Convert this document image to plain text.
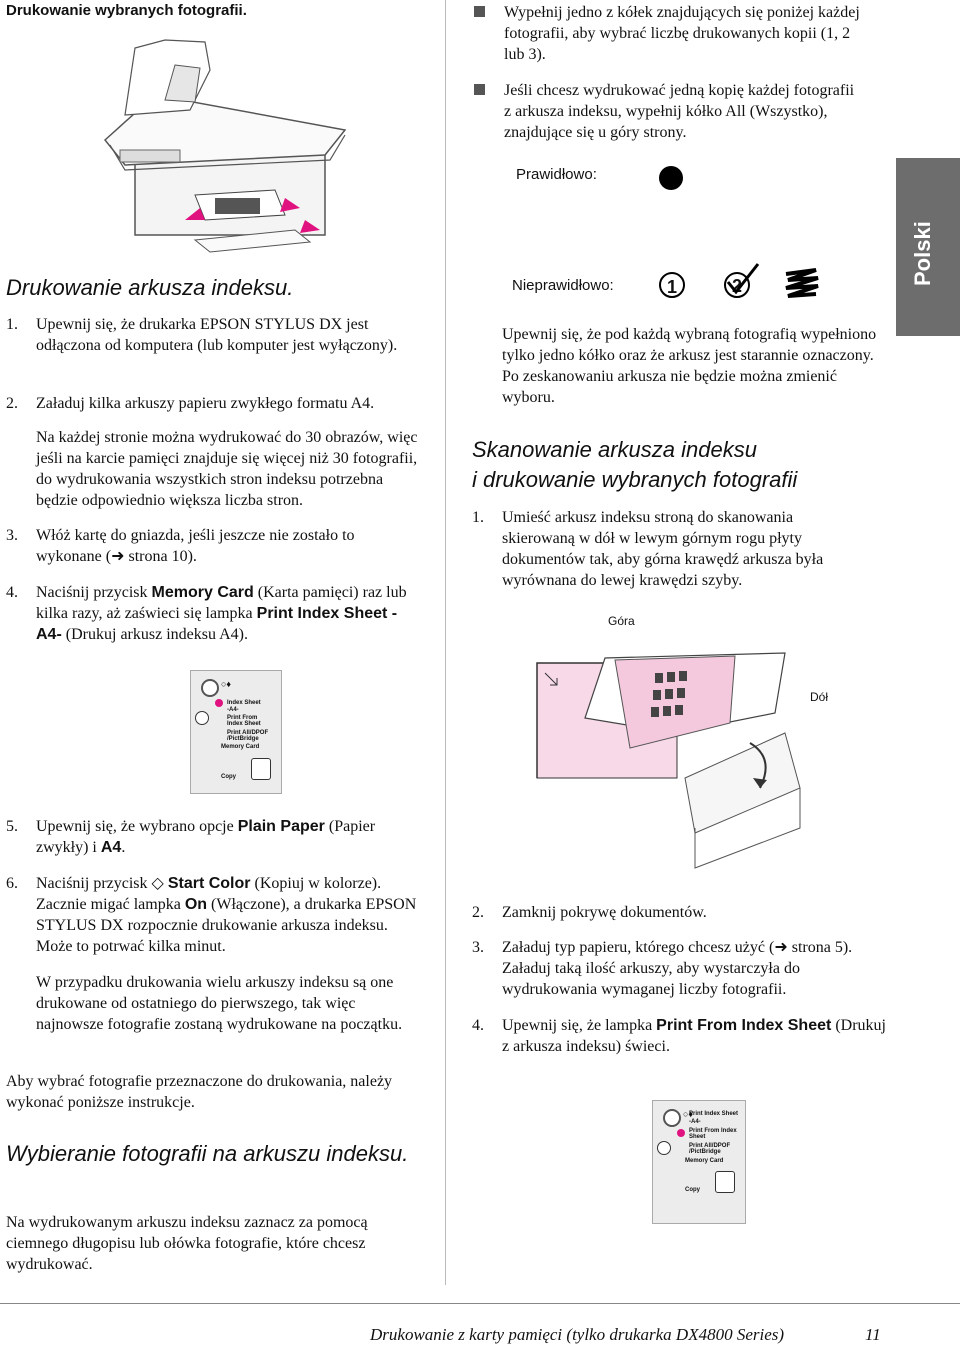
Drukowanie wybranych fotografii.
Drukowanie arkusza indeksu.
1. Upewnij się, że drukarka EPSON STYLUS DX jest odłączona od komputera (lub komputer jest wyłączony).
2. Załaduj kilka arkuszy papieru zwykłego formatu A4.
Na każdej stronie można wydrukować do 30 obrazów, więc jeśli na karcie pamięci znajduje się więcej niż 30 fotografii, do wydrukowania wszystkich stron indeksu potrzebna będzie odpowiednio większa liczba stron.
3. Włóż kartę do gniazda, jeśli jeszcze nie zostało to wykonane (➜ strona 10).
4. Naciśnij przycisk Memory Card (Karta pamięci) raz lub kilka razy, aż zaświeci się lampka Print Index Sheet -A4- (Drukuj arkusz indeksu A4).
○♦
Index Sheet
-A4-
Print From Index Sheet
Print All/DPOF /PictBridge
Memory Card
Copy
5. Upewnij się, że wybrano opcje Plain Paper (Papier zwykły) i A4.
6. Naciśnij przycisk ◇ Start Color (Kopiuj w kolorze). Zacznie migać lampka On (Włączone), a drukarka EPSON STYLUS DX rozpocznie drukowanie arkusza indeksu. Może to potrwać kilka minut.
W przypadku drukowania wielu arkuszy indeksu są one drukowane od ostatniego do pierwszego, tak więc najnowsze fotografie zostaną wydrukowane na początku.
Aby wybrać fotografie przeznaczone do drukowania, należy wykonać poniższe instrukcje.
Wybieranie fotografii na arkuszu indeksu.
Na wydrukowanym arkuszu indeksu zaznacz za pomocą ciemnego długopisu lub ołówka fotografie, które chcesz wydrukować.
Wypełnij jedno z kółek znajdujących się poniżej każdej fotografii, aby wybrać liczbę drukowanych kopii (1, 2 lub 3).
Jeśli chcesz wydrukować jedną kopię każdej fotografii z arkusza indeksu, wypełnij kółko All (Wszystko), znajdujące się u góry strony.
Prawidłowo:
Nieprawidłowo:	1	2
Upewnij się, że pod każdą wybraną fotografią wypełniono tylko jedno kółko oraz że arkusz jest starannie oznaczony. Po zeskanowaniu arkusza nie będzie można zmienić wyboru.
Skanowanie arkusza indeksu
i drukowanie wybranych fotografii
1. Umieść arkusz indeksu stroną do skanowania skierowaną w dół w lewym górnym rogu płyty dokumentów tak, aby górna krawędź arkusza była wyrównana do lewej krawędzi szyby.
Góra
Dół
2. Zamknij pokrywę dokumentów.
3. Załaduj typ papieru, którego chcesz użyć (➜ strona 5). Załaduj taką ilość arkuszy, aby wystarczyła do wydrukowania wymaganej liczby fotografii.
4. Upewnij się, że lampka Print From Index Sheet (Drukuj z arkusza indeksu) świeci.
○♦
Print Index Sheet
-A4-
Print From Index Sheet
Print All/DPOF /PictBridge
Memory Card
Copy
Polski
Drukowanie z karty pamięci (tylko drukarka DX4800 Series)	11
